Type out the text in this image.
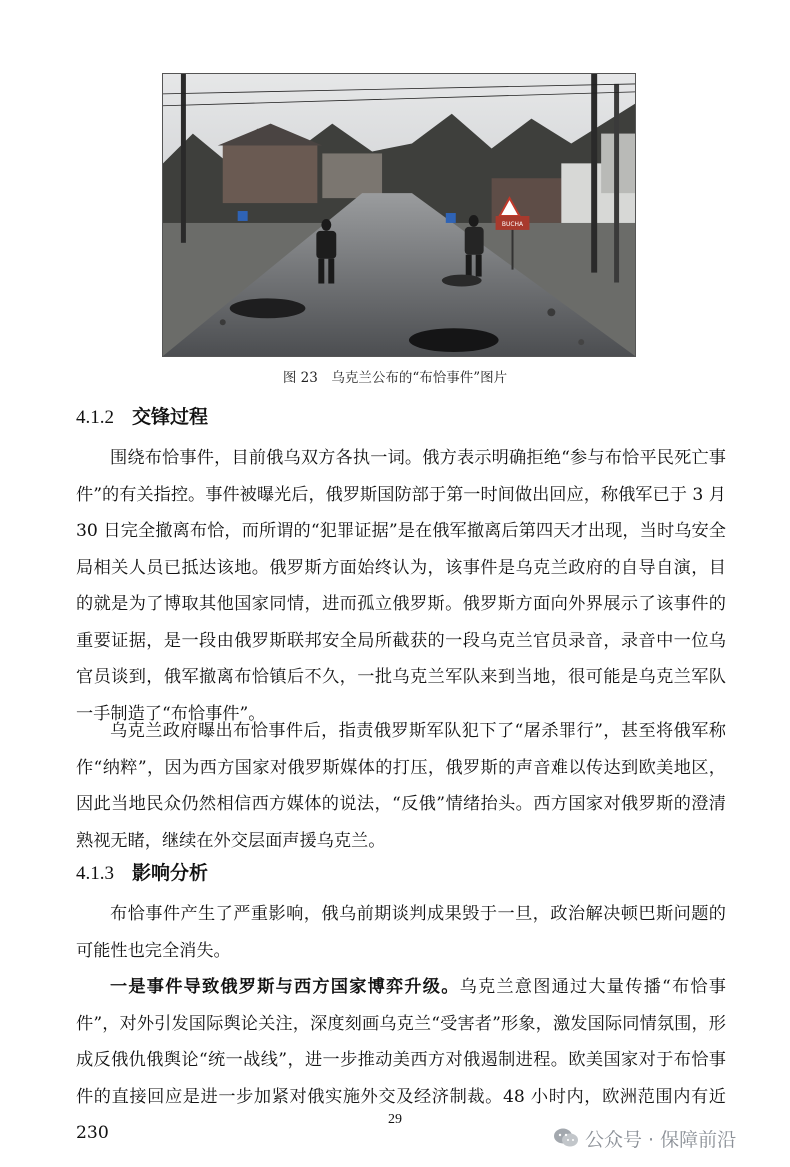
BUCHA
图 23　乌克兰公布的“布恰事件”图片
4.1.2 交锋过程

围绕布恰事件，目前俄乌双方各执一词。俄方表示明确拒绝“参与布恰平民死亡事件”的有关指控。事件被曝光后，俄罗斯国防部于第一时间做出回应，称俄军已于 3 月 30 日完全撤离布恰，而所谓的“犯罪证据”是在俄军撤离后第四天才出现，当时乌安全局相关人员已抵达该地。俄罗斯方面始终认为，该事件是乌克兰政府的自导自演，目的就是为了博取其他国家同情，进而孤立俄罗斯。俄罗斯方面向外界展示了该事件的重要证据，是一段由俄罗斯联邦安全局所截获的一段乌克兰官员录音，录音中一位乌官员谈到，俄军撤离布恰镇后不久，一批乌克兰军队来到当地，很可能是乌克兰军队一手制造了“布恰事件”。

乌克兰政府曝出布恰事件后，指责俄罗斯军队犯下了“屠杀罪行”，甚至将俄军称作“纳粹”，因为西方国家对俄罗斯媒体的打压，俄罗斯的声音难以传达到欧美地区，因此当地民众仍然相信西方媒体的说法，“反俄”情绪抬头。西方国家对俄罗斯的澄清熟视无睹，继续在外交层面声援乌克兰。

4.1.3 影响分析

布恰事件产生了严重影响，俄乌前期谈判成果毁于一旦，政治解决顿巴斯问题的可能性也完全消失。

一是事件导致俄罗斯与西方国家博弈升级。乌克兰意图通过大量传播“布恰事件”，对外引发国际舆论关注，深度刻画乌克兰“受害者”形象，激发国际同情氛围，形成反俄仇俄舆论“统一战线”，进一步推动美西方对俄遏制进程。欧美国家对于布恰事件的直接回应是进一步加紧对俄实施外交及经济制裁。48 小时内，欧洲范围内有近 230

29
公众号 · 保障前沿
